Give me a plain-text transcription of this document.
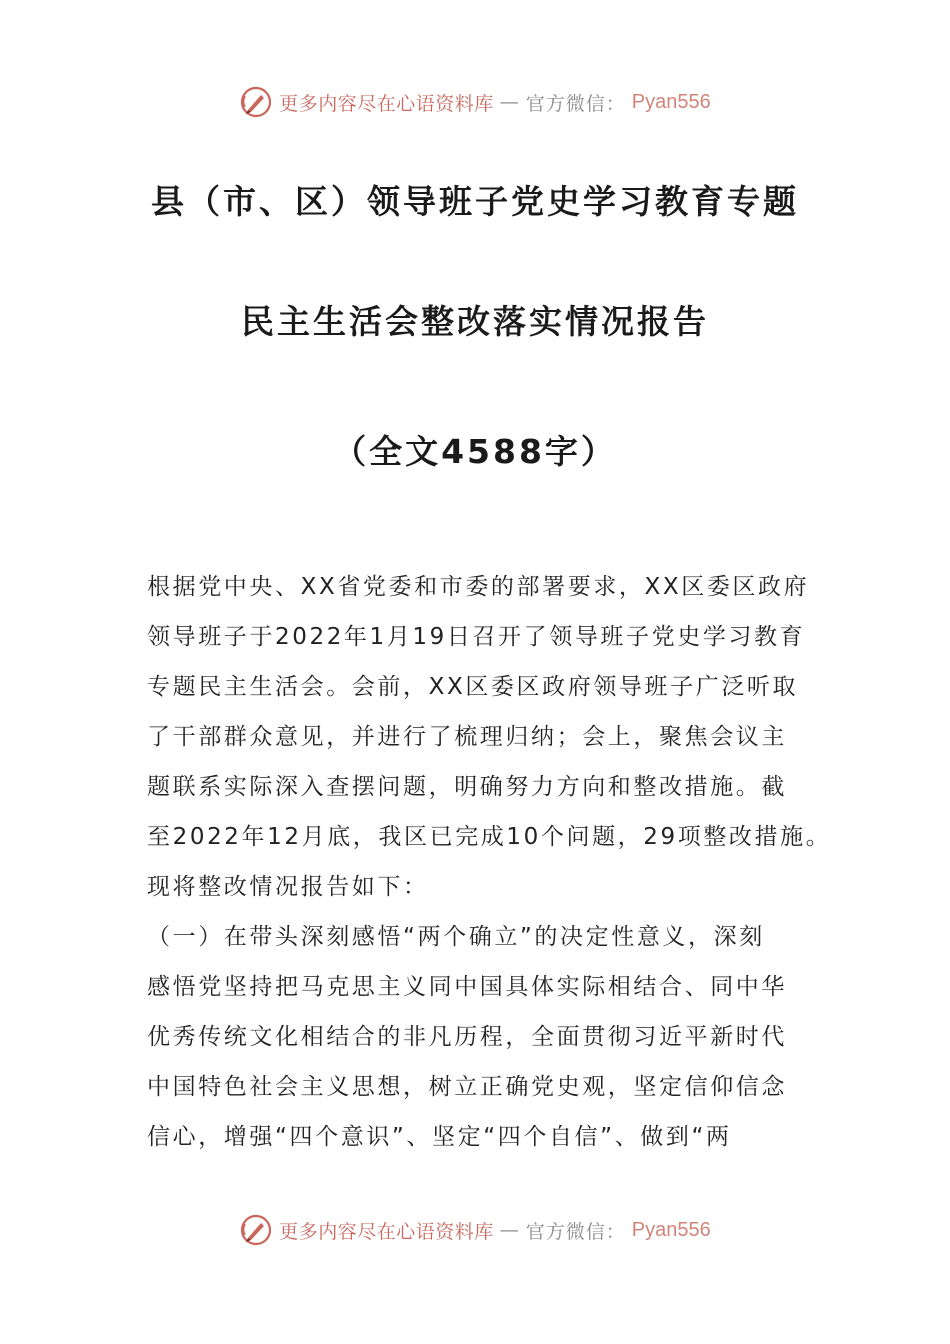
更多内容尽在心语资料库 — 官方微信： Pyan556
县（市、区）领导班子党史学习教育专题
民主生活会整改落实情况报告
（全文4588字）

根据党中央、XX省党委和市委的部署要求，XX区委区政府

领导班子于2022年1月19日召开了领导班子党史学习教育

专题民主生活会。会前，XX区委区政府领导班子广泛听取

了干部群众意见，并进行了梳理归纳；会上，聚焦会议主

题联系实际深入查摆问题，明确努力方向和整改措施。截

至2022年12月底，我区已完成10个问题，29项整改措施。

现将整改情况报告如下：

（一）在带头深刻感悟“两个确立”的决定性意义，深刻

感悟党坚持把马克思主义同中国具体实际相结合、同中华

优秀传统文化相结合的非凡历程，全面贯彻习近平新时代

中国特色社会主义思想，树立正确党史观，坚定信仰信念

信心，增强“四个意识”、坚定“四个自信”、做到“两

更多内容尽在心语资料库 — 官方微信： Pyan556
